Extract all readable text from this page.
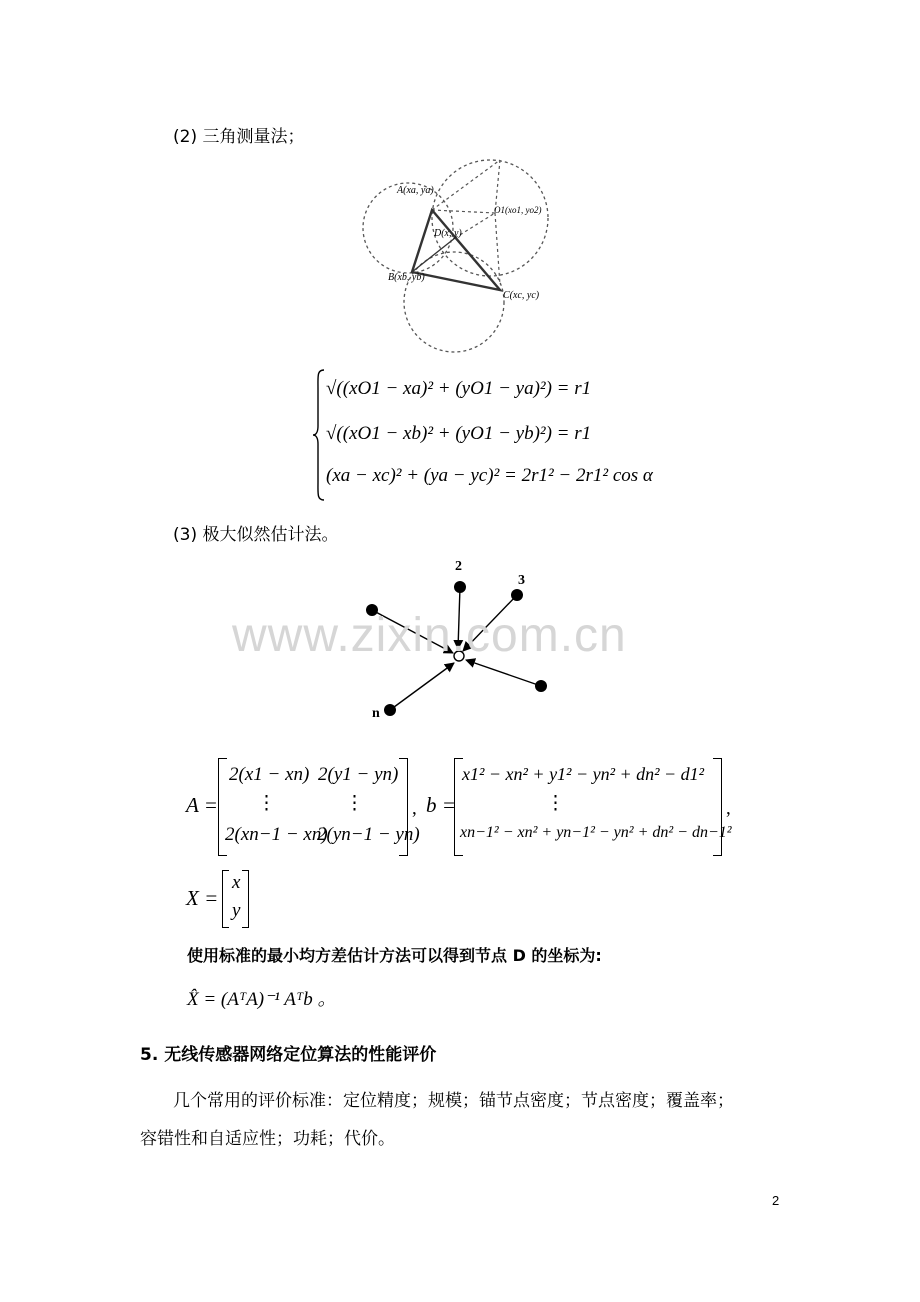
(2) 三角测量法；
A(xa, ya)
O1(xo1, yo2)
D(x, y)
B(xb, yb)
C(xc, yc)
√((xO1 − xa)² + (yO1 − ya)²) = r1
√((xO1 − xb)² + (yO1 − yb)²) = r1
(xa − xc)² + (ya − yc)² = 2r1² − 2r1² cos α
(3) 极大似然估计法。
2
3
n
www.zixin.com.cn
A =
2(x1 − xn) 2(y1 − yn)
⋮	⋮
2(xn−1 − xn)
2(yn−1 − yn)
, b =
x1² − xn² + y1² − yn² + dn² − d1²
⋮
xn−1² − xn² + yn−1² − yn² + dn² − dn−1²
,
X =
x
y
使用标准的最小均方差估计方法可以得到节点 D 的坐标为:
X̂ = (AᵀA)⁻¹ Aᵀb 。
5. 无线传感器网络定位算法的性能评价
几个常用的评价标准：定位精度；规模；锚节点密度；节点密度；覆盖率；
容错性和自适应性；功耗；代价。
2
